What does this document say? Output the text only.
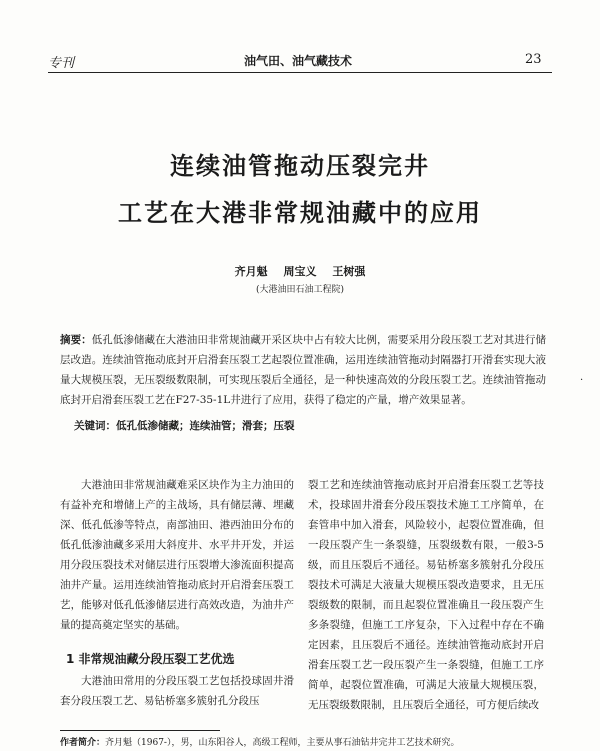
专刊	油气田、油气藏技术	23
连续油管拖动压裂完井
工艺在大港非常规油藏中的应用
齐月魁 周宝义 王树强
(大港油田石油工程院)
摘要：低孔低渗储藏在大港油田非常规油藏开采区块中占有较大比例，需要采用分段压裂工艺对其进行储层改造。连续油管拖动底封开启滑套压裂工艺起裂位置准确，运用连续油管拖动封隔器打开滑套实现大液量大规模压裂，无压裂级数限制，可实现压裂后全通径，是一种快速高效的分段压裂工艺。连续油管拖动底封开启滑套压裂工艺在F27-35-1L井进行了应用，获得了稳定的产量，增产效果显著。
关键词：低孔低渗储藏；连续油管；滑套；压裂
.

大港油田非常规油藏难采区块作为主力油田的有益补充和增储上产的主战场，具有储层薄、埋藏深、低孔低渗等特点，南部油田、港西油田分布的低孔低渗油藏多采用大斜度井、水平井开发，并运用分段压裂技术对储层进行压裂增大渗流面积提高油井产量。运用连续油管拖动底封开启滑套压裂工艺，能够对低孔低渗储层进行高效改造，为油井产量的提高奠定坚实的基础。

1 非常规油藏分段压裂工艺优选

大港油田常用的分段压裂工艺包括投球固井滑套分段压裂工艺、易钻桥塞多簇射孔分段压

裂工艺和连续油管拖动底封开启滑套压裂工艺等技术，投球固井滑套分段压裂技术施工工序简单，在套管串中加入滑套，风险较小，起裂位置准确，但一段压裂产生一条裂缝，压裂级数有限，一般3-5级，而且压裂后不通径。易钻桥塞多簇射孔分段压裂技术可满足大液量大规模压裂改造要求，且无压裂级数的限制，而且起裂位置准确且一段压裂产生多条裂缝，但施工工序复杂，下入过程中存在不确定因素，且压裂后不通径。连续油管拖动底封开启滑套压裂工艺一段压裂产生一条裂缝，但施工工序简单，起裂位置准确，可满足大液量大规模压裂，无压裂级数限制，且压裂后全通径，可方便后续改

作者简介：齐月魁（1967-），男，山东阳谷人，高级工程师，主要从事石油钻井完井工艺技术研究。
